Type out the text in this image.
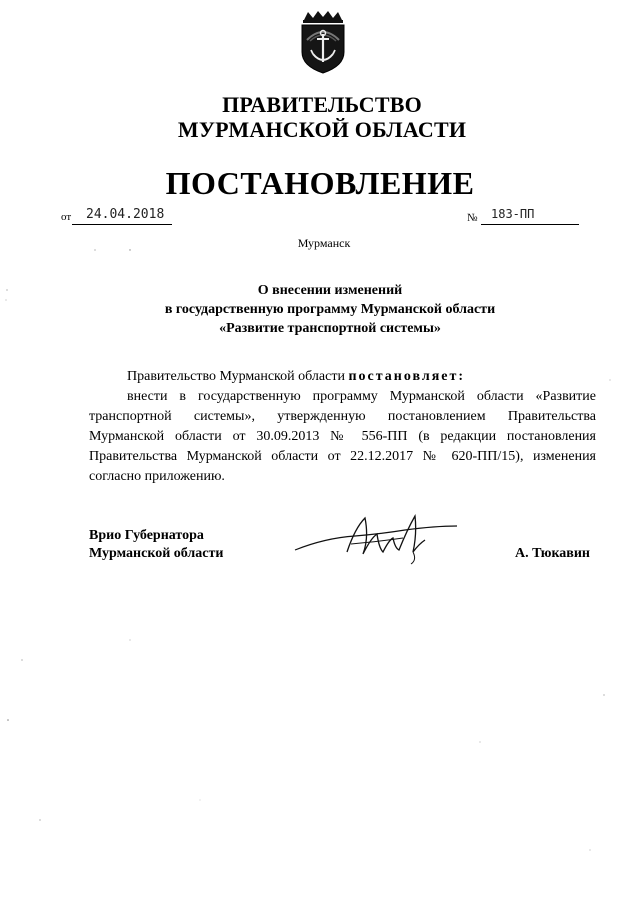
ПРАВИТЕЛЬСТВО
МУРМАНСКОЙ ОБЛАСТИ
ПОСТАНОВЛЕНИЕ
от 24.04.2018	№ 183-ПП
Мурманск
О внесении изменений
в государственную программу Мурманской области
«Развитие транспортной системы»
Правительство Мурманской области постановляет:
внести в государственную программу Мурманской области «Развитие транспортной системы», утвержденную постановлением Правительства Мурманской области от 30.09.2013 № 556-ПП (в редакции постановления Правительства Мурманской области от 22.12.2017 № 620-ПП/15), изменения согласно приложению.
Врио Губернатора
Мурманской области	А. Тюкавин
